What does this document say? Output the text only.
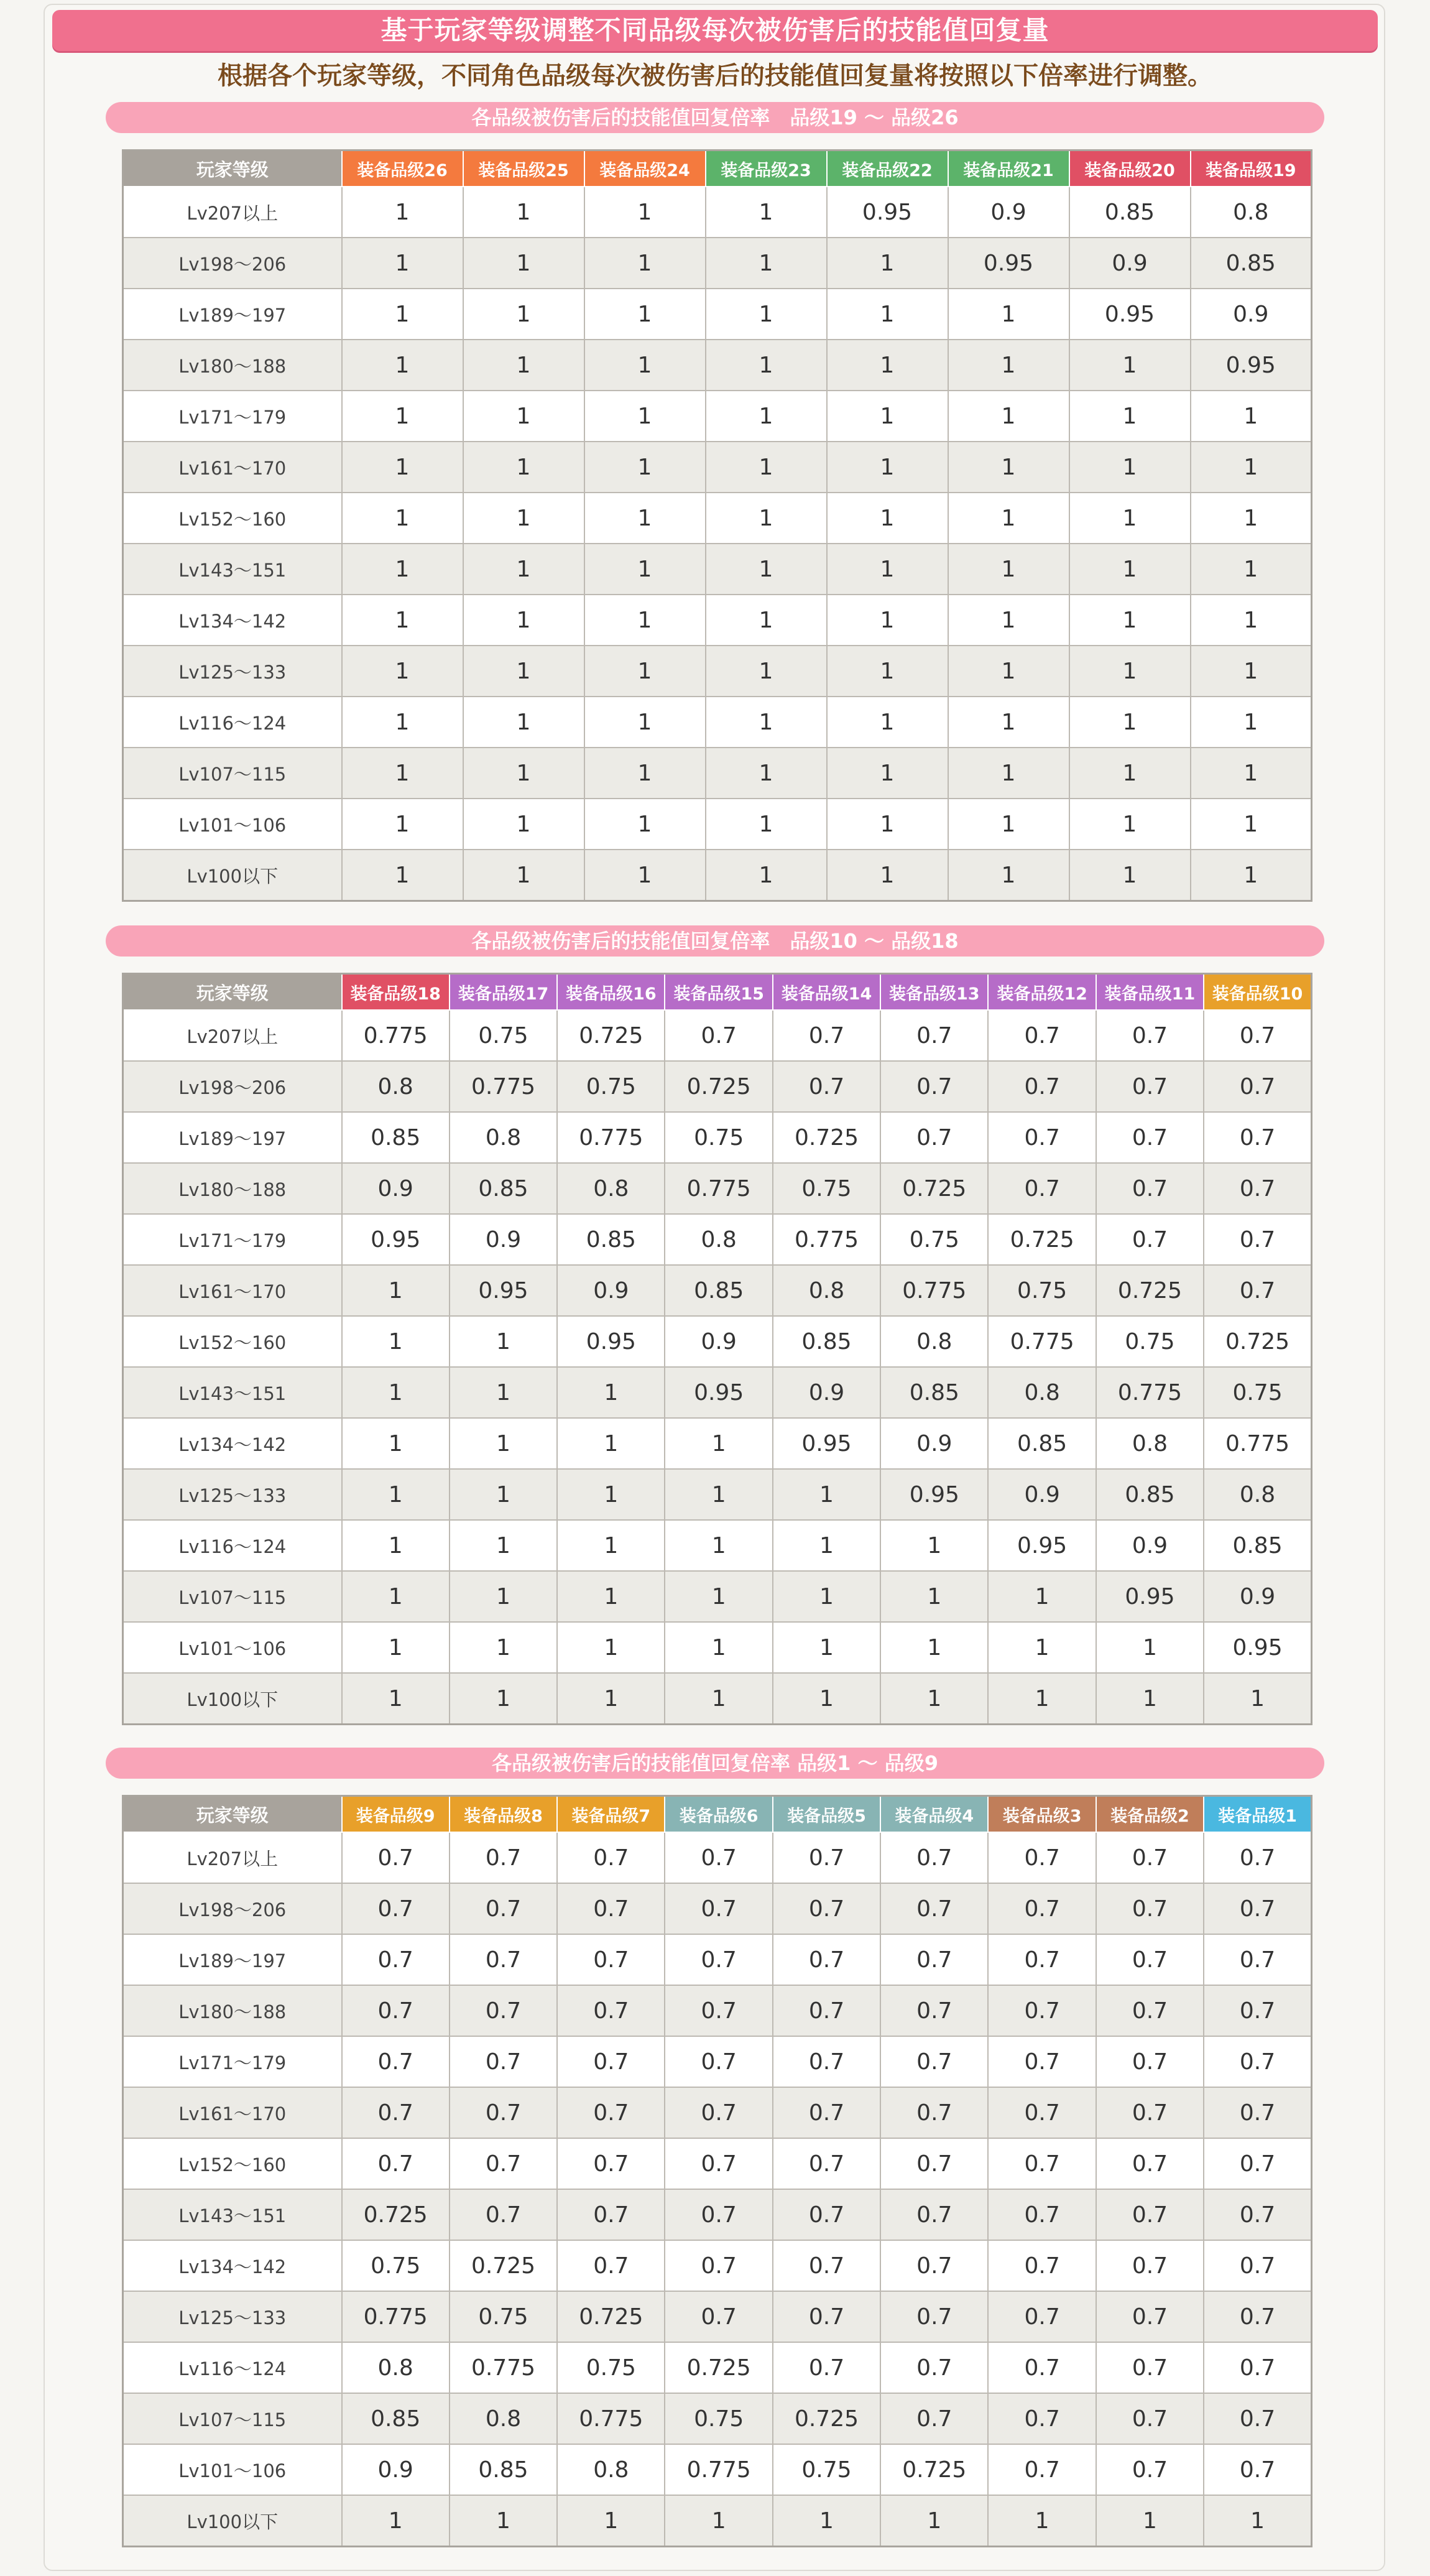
基于玩家等级调整不同品级每次被伤害后的技能值回复量
根据各个玩家等级，不同角色品级每次被伤害后的技能值回复量将按照以下倍率进行调整。
各品级被伤害后的技能值回复倍率　品级19 ～ 品级26
玩家等级	装备品级26	装备品级25	装备品级24	装备品级23	装备品级22	装备品级21	装备品级20	装备品级19
Lv207以上	1	1	1	1	0.95	0.9	0.85	0.8
Lv198～206	1	1	1	1	1	0.95	0.9	0.85
Lv189～197	1	1	1	1	1	1	0.95	0.9
Lv180～188	1	1	1	1	1	1	1	0.95
Lv171～179	1	1	1	1	1	1	1	1
Lv161～170	1	1	1	1	1	1	1	1
Lv152～160	1	1	1	1	1	1	1	1
Lv143～151	1	1	1	1	1	1	1	1
Lv134～142	1	1	1	1	1	1	1	1
Lv125～133	1	1	1	1	1	1	1	1
Lv116～124	1	1	1	1	1	1	1	1
Lv107～115	1	1	1	1	1	1	1	1
Lv101～106	1	1	1	1	1	1	1	1
Lv100以下	1	1	1	1	1	1	1	1
各品级被伤害后的技能值回复倍率　品级10 ～ 品级18
玩家等级	装备品级18	装备品级17	装备品级16	装备品级15	装备品级14	装备品级13	装备品级12	装备品级11	装备品级10
Lv207以上	0.775	0.75	0.725	0.7	0.7	0.7	0.7	0.7	0.7
Lv198～206	0.8	0.775	0.75	0.725	0.7	0.7	0.7	0.7	0.7
Lv189～197	0.85	0.8	0.775	0.75	0.725	0.7	0.7	0.7	0.7
Lv180～188	0.9	0.85	0.8	0.775	0.75	0.725	0.7	0.7	0.7
Lv171～179	0.95	0.9	0.85	0.8	0.775	0.75	0.725	0.7	0.7
Lv161～170	1	0.95	0.9	0.85	0.8	0.775	0.75	0.725	0.7
Lv152～160	1	1	0.95	0.9	0.85	0.8	0.775	0.75	0.725
Lv143～151	1	1	1	0.95	0.9	0.85	0.8	0.775	0.75
Lv134～142	1	1	1	1	0.95	0.9	0.85	0.8	0.775
Lv125～133	1	1	1	1	1	0.95	0.9	0.85	0.8
Lv116～124	1	1	1	1	1	1	0.95	0.9	0.85
Lv107～115	1	1	1	1	1	1	1	0.95	0.9
Lv101～106	1	1	1	1	1	1	1	1	0.95
Lv100以下	1	1	1	1	1	1	1	1	1
各品级被伤害后的技能值回复倍率 品级1 ～ 品级9
玩家等级	装备品级9	装备品级8	装备品级7	装备品级6	装备品级5	装备品级4	装备品级3	装备品级2	装备品级1
Lv207以上	0.7	0.7	0.7	0.7	0.7	0.7	0.7	0.7	0.7
Lv198～206	0.7	0.7	0.7	0.7	0.7	0.7	0.7	0.7	0.7
Lv189～197	0.7	0.7	0.7	0.7	0.7	0.7	0.7	0.7	0.7
Lv180～188	0.7	0.7	0.7	0.7	0.7	0.7	0.7	0.7	0.7
Lv171～179	0.7	0.7	0.7	0.7	0.7	0.7	0.7	0.7	0.7
Lv161～170	0.7	0.7	0.7	0.7	0.7	0.7	0.7	0.7	0.7
Lv152～160	0.7	0.7	0.7	0.7	0.7	0.7	0.7	0.7	0.7
Lv143～151	0.725	0.7	0.7	0.7	0.7	0.7	0.7	0.7	0.7
Lv134～142	0.75	0.725	0.7	0.7	0.7	0.7	0.7	0.7	0.7
Lv125～133	0.775	0.75	0.725	0.7	0.7	0.7	0.7	0.7	0.7
Lv116～124	0.8	0.775	0.75	0.725	0.7	0.7	0.7	0.7	0.7
Lv107～115	0.85	0.8	0.775	0.75	0.725	0.7	0.7	0.7	0.7
Lv101～106	0.9	0.85	0.8	0.775	0.75	0.725	0.7	0.7	0.7
Lv100以下	1	1	1	1	1	1	1	1	1
